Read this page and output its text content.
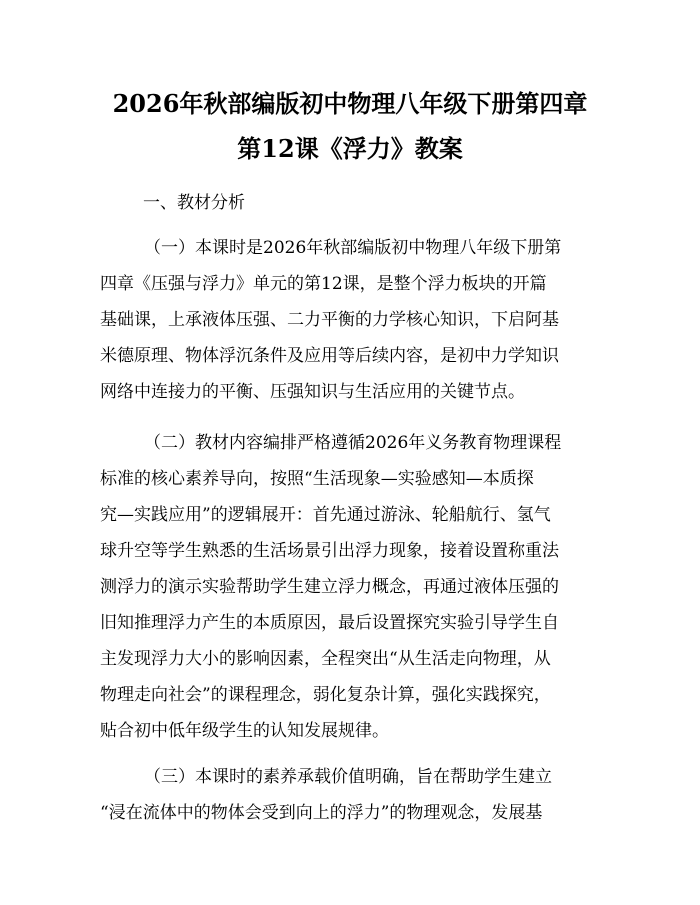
2026年秋部编版初中物理八年级下册第四章
第12课《浮力》教案
一、教材分析
（一）本课时是2026年秋部编版初中物理八年级下册第
四章《压强与浮力》单元的第12课，是整个浮力板块的开篇
基础课，上承液体压强、二力平衡的力学核心知识，下启阿基
米德原理、物体浮沉条件及应用等后续内容，是初中力学知识
网络中连接力的平衡、压强知识与生活应用的关键节点。
（二）教材内容编排严格遵循2026年义务教育物理课程
标准的核心素养导向，按照“生活现象—实验感知—本质探
究—实践应用”的逻辑展开：首先通过游泳、轮船航行、氢气
球升空等学生熟悉的生活场景引出浮力现象，接着设置称重法
测浮力的演示实验帮助学生建立浮力概念，再通过液体压强的
旧知推理浮力产生的本质原因，最后设置探究实验引导学生自
主发现浮力大小的影响因素，全程突出“从生活走向物理，从
物理走向社会”的课程理念，弱化复杂计算，强化实践探究，
贴合初中低年级学生的认知发展规律。
（三）本课时的素养承载价值明确，旨在帮助学生建立
“浸在流体中的物体会受到向上的浮力”的物理观念，发展基
